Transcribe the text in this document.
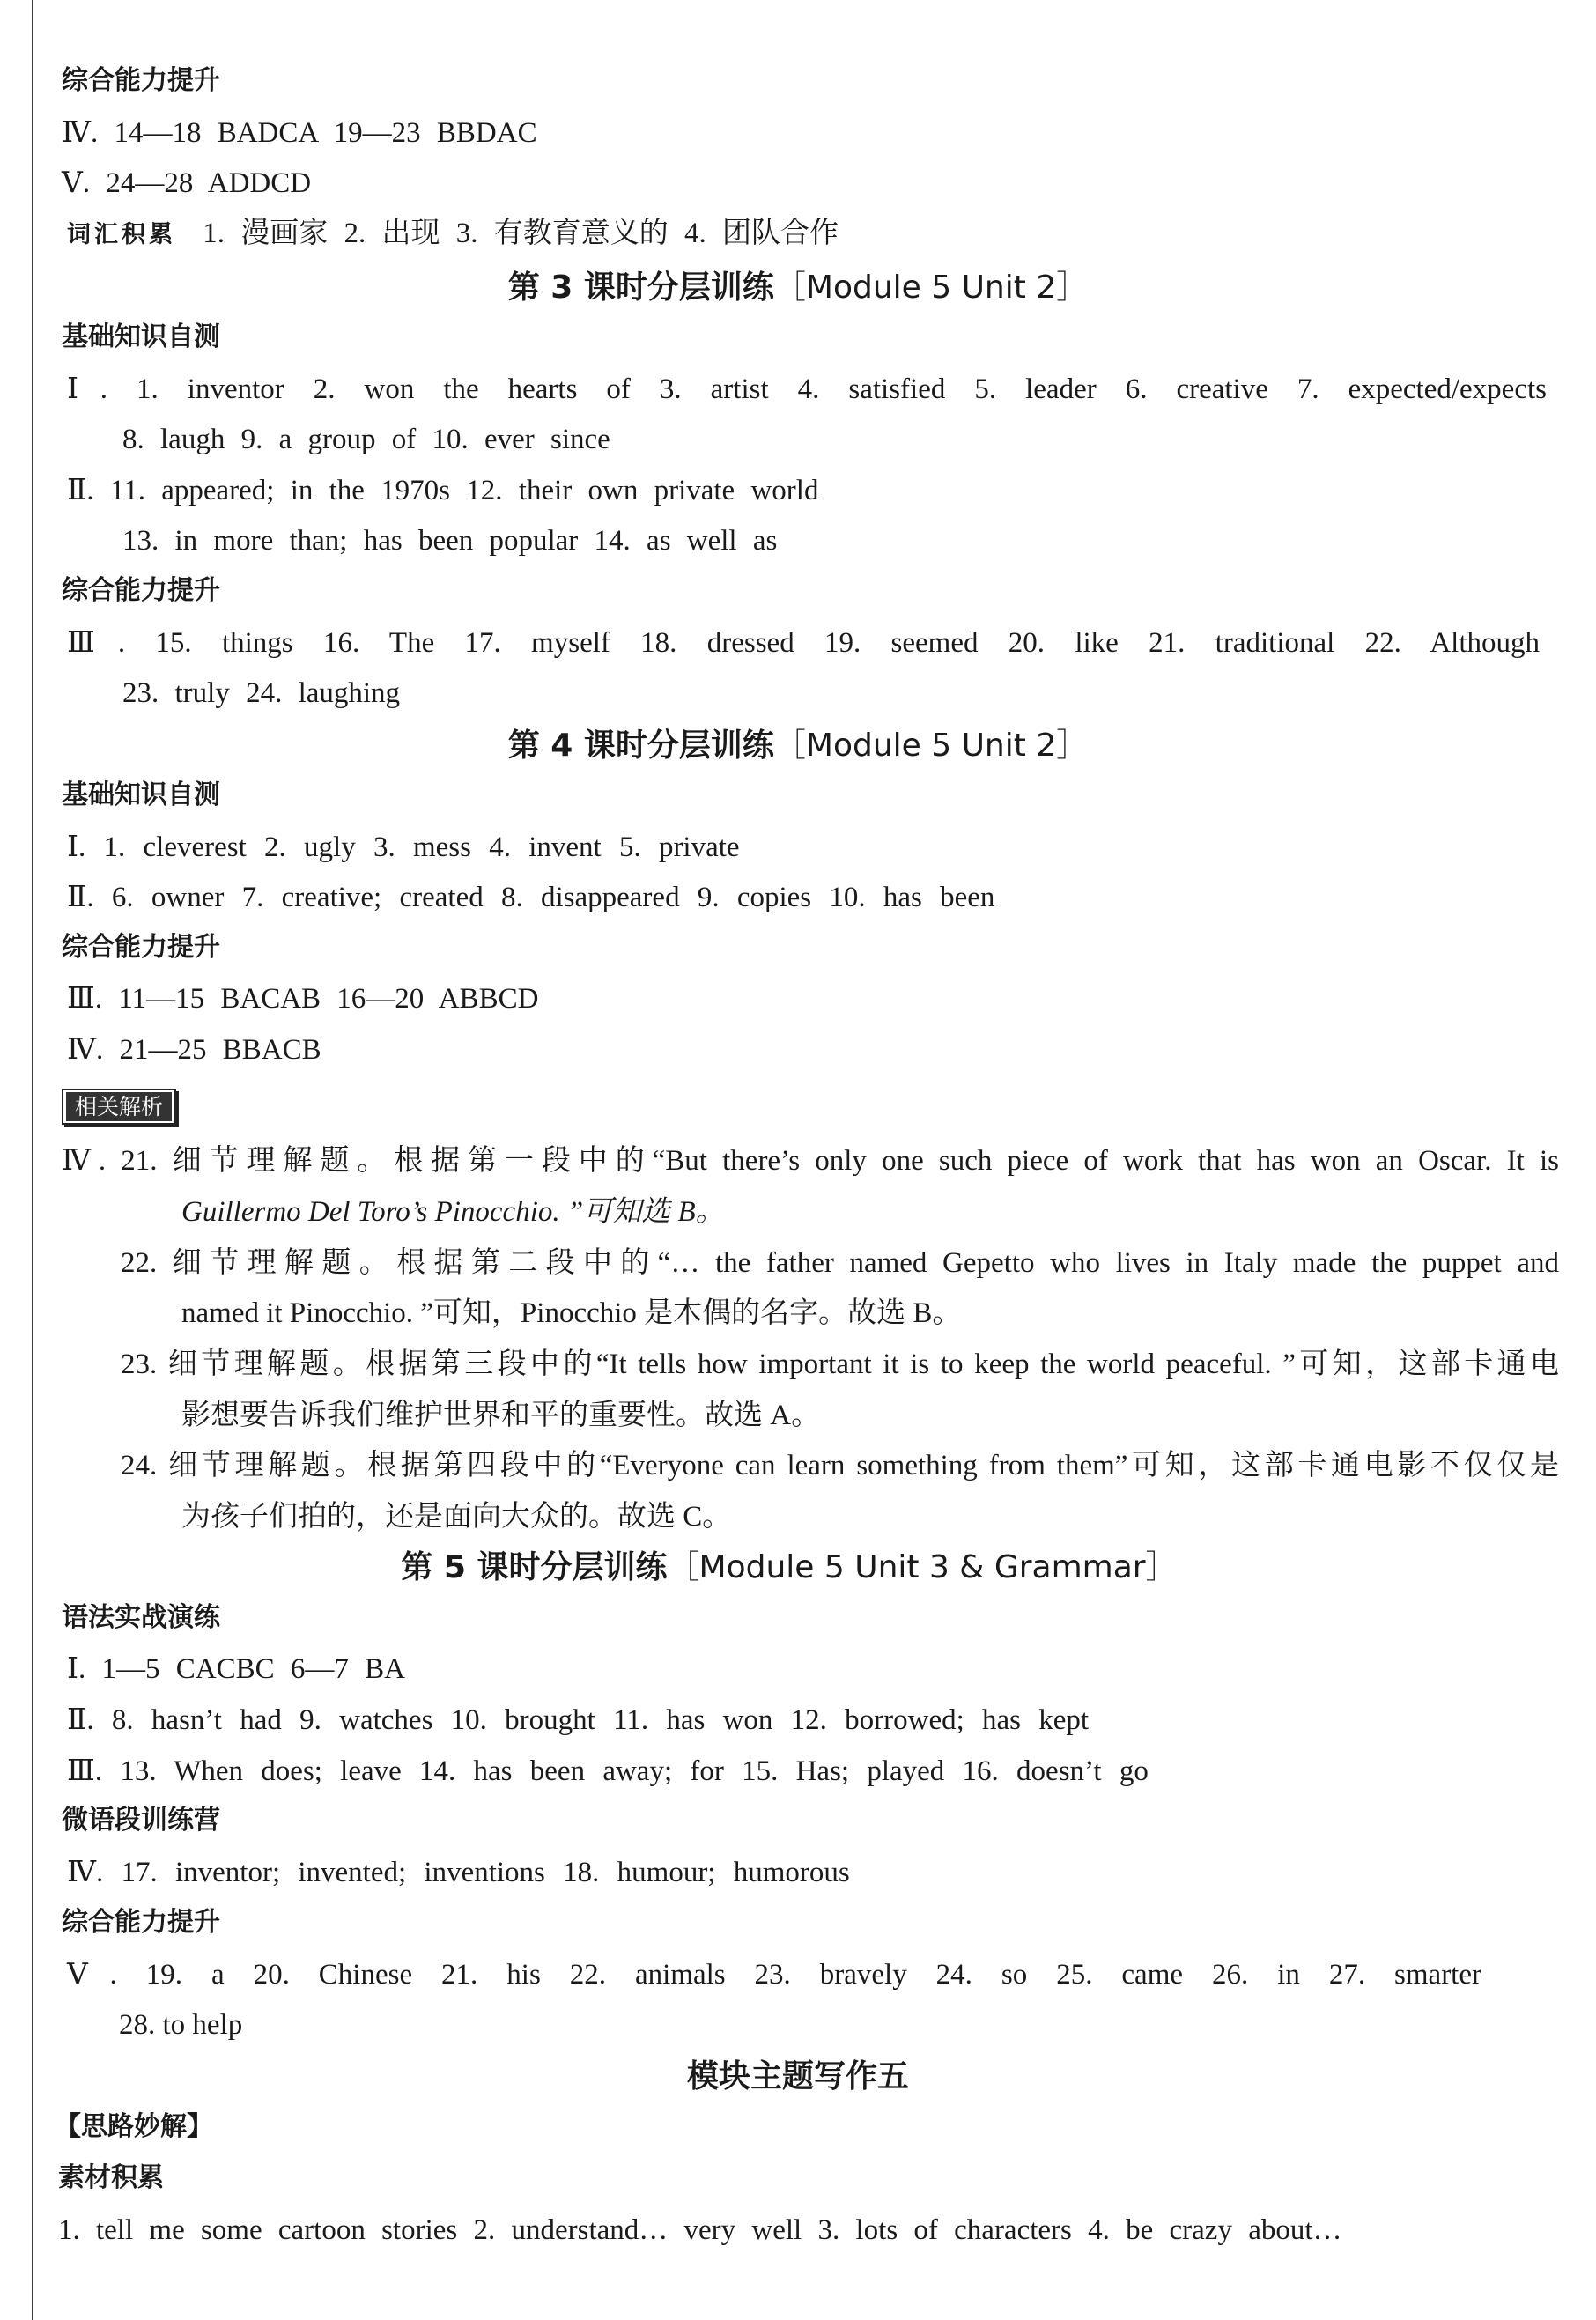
综合能力提升
Ⅳ. 14—18 BADCA 19—23 BBDAC
Ⅴ. 24—28 ADDCD
词汇积累 1. 漫画家 2. 出现 3. 有教育意义的 4. 团队合作
第 3 课时分层训练［Module 5 Unit 2］
基础知识自测
Ⅰ. 1. inventor 2. won the hearts of 3. artist 4. satisfied 5. leader 6. creative 7. expected/expects
8. laugh 9. a group of 10. ever since
Ⅱ. 11. appeared; in the 1970s 12. their own private world
13. in more than; has been popular 14. as well as
综合能力提升
Ⅲ. 15. things 16. The 17. myself 18. dressed 19. seemed 20. like 21. traditional 22. Although
23. truly 24. laughing
第 4 课时分层训练［Module 5 Unit 2］
基础知识自测
Ⅰ. 1. cleverest 2. ugly 3. mess 4. invent 5. private
Ⅱ. 6. owner 7. creative; created 8. disappeared 9. copies 10. has been
综合能力提升
Ⅲ. 11—15 BACAB 16—20 ABBCD
Ⅳ. 21—25 BBACB
相关解析
Ⅳ. 21. 细节理解题。根据第一段中的“But there’s only one such piece of work that has won an Oscar. It is
Guillermo Del Toro’s Pinocchio. ”可知选 B。
22. 细节理解题。根据第二段中的“… the father named Gepetto who lives in Italy made the puppet and
named it Pinocchio. ”可知，Pinocchio 是木偶的名字。故选 B。
23. 细节理解题。根据第三段中的“It tells how important it is to keep the world peaceful. ”可知，这部卡通电
影想要告诉我们维护世界和平的重要性。故选 A。
24. 细节理解题。根据第四段中的“Everyone can learn something from them”可知，这部卡通电影不仅仅是
为孩子们拍的，还是面向大众的。故选 C。
第 5 课时分层训练［Module 5 Unit 3 & Grammar］
语法实战演练
Ⅰ. 1—5 CACBC 6—7 BA
Ⅱ. 8. hasn’t had 9. watches 10. brought 11. has won 12. borrowed; has kept
Ⅲ. 13. When does; leave 14. has been away; for 15. Has; played 16. doesn’t go
微语段训练营
Ⅳ. 17. inventor; invented; inventions 18. humour; humorous
综合能力提升
Ⅴ. 19. a 20. Chinese 21. his 22. animals 23. bravely 24. so 25. came 26. in 27. smarter
28. to help
模块主题写作五
【思路妙解】
素材积累
1. tell me some cartoon stories 2. understand… very well 3. lots of characters 4. be crazy about…
